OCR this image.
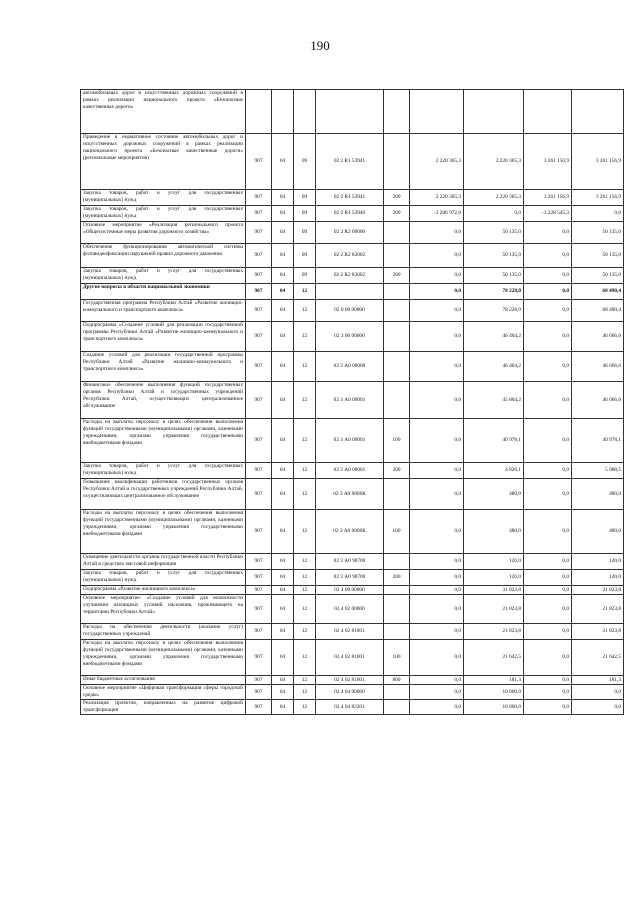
190
автомобильных дорог и искусственных дорожных сооружений в рамках реализации национального проекта «Безопасные качественные дороги»									
Приведение в нормативное состояние автомобильных дорог и искусственных дорожных сооружений в рамках реализации национального проекта «Безопасные качественные дороги» (региональные мероприятия)	907	04	09	02 2 R1 53941		2 220 365,3	2 220 365,3	3 261 156,9	3 261 156,9
Закупка товаров, работ и услуг для государственных (муниципальных) нужд	907	04	09	02 2 R1 53941	200	2 220 365,3	2 220 365,3	3 261 156,9	3 261 156,9
Закупка товаров, работ и услуг для государственных (муниципальных) нужд	907	04	09	02 2 R1 53940	200	-2 206 972,6	0,0	-3 228 545,3	0,0
Основное мероприятие «Реализация регионального проекта «Общесистемные меры развития дорожного хозяйства»	907	04	09	02 2 R2 00000		0,0	50 135,0	0,0	50 135,0
Обеспечение функционирования автоматической системы фотовидеофиксации нарушений правил дорожного движения	907	04	09	02 2 R2 82002		0,0	50 135,0	0,0	50 135,0
Закупка товаров, работ и услуг для государственных (муниципальных) нужд	907	04	09	02 2 R2 82002	200	0,0	50 135,0	0,0	50 135,0
Другие вопросы в области национальной экономики	907	04	12			0,0	78 228,0	0,0	68 490,4
Государственная программа Республики Алтай «Развитие жилищно-коммунального и транспортного комплекса»	907	04	12	02 0 00 00000		0,0	78 228,0	0,0	68 490,4
Подпрограмма «Создание условий для реализации государственной программы Республики Алтай «Развитие жилищно-коммунального и транспортного комплекса»	907	04	12	02 3 00 00000		0,0	46 404,2	0,0	46 666,6
Создание условий для реализации государственной программы Республики Алтай «Развитие жилищно-коммунального и транспортного комплекса»	907	04	12	02 3 А0 00000		0,0	46 404,2	0,0	46 666,6
Финансовое обеспечение выполнения функций государственных органов Республики Алтай и государственных учреждений Республики Алтай, осуществляющих централизованное обслуживание	907	04	12	02 3 А0 00001		0,0	45 804,2	0,0	46 066,6
Расходы на выплаты персоналу в целях обеспечения выполнения функций государственными (муниципальными) органами, казенными учреждениями, органами управления государственными внебюджетными фондами	907	04	12	02 3 А0 00001	100	0,0	40 978,1	0,0	40 978,1
Закупка товаров, работ и услуг для государственных (муниципальных) нужд	907	04	12	02 3 А0 00001	200	0,0	4 826,1	0,0	5 088,5
Повышение квалификации работников государственных органов Республики Алтай и государственных учреждений Республики Алтай, осуществляющих централизованное обслуживание	907	04	12	02 3 А0 0000К		0,0	480,0	0,0	480,0
Расходы на выплаты персоналу в целях обеспечения выполнения функций государственными (муниципальными) органами, казенными учреждениями, органами управления государственными внебюджетными фондами	907	04	12	02 3 А0 0000К	100	0,0	480,0	0,0	480,0
Освещение деятельности органов государственной власти Республики Алтай в средствах массовой информации	907	04	12	02 3 А0 98700		0,0	120,0	0,0	120,0
Закупка товаров, работ и услуг для государственных (муниципальных) нужд	907	04	12	02 3 А0 98700	200	0,0	120,0	0,0	120,0
Подпрограмма «Развитие жилищного комплекса»	907	04	12	02 4 00 00000		0,0	31 823,8	0,0	21 823,8
Основное мероприятие: «Создание условий для возможности улучшения жилищных условий населения, проживающего на территории Республики Алтай»	907	04	12	02 4 02 00000		0,0	21 823,8	0,0	21 823,8
Расходы на обеспечение деятельности (оказание услуг) государственных учреждений	907	04	12	02 4 02 81001		0,0	21 823,8	0,0	21 823,8
Расходы на выплаты персоналу в целях обеспечения выполнения функций государственными (муниципальными) органами, казенными учреждениями, органами управления государственными внебюджетными фондами	907	04	12	02 4 02 81001	100	0,0	21 642,5	0,0	21 642,5
Иные бюджетные ассигнования	907	04	12	02 4 02 81001	800	0,0	181,3	0,0	181,3
Основное мероприятие «Цифровая трансформация сферы городской среды»	907	04	12	02 4 04 00000		0,0	10 000,0	0,0	0,0
Реализация проектов, направленных на развитие цифровой трансформации	907	04	12	02 4 04 82201		0,0	10 000,0	0,0	0,0
